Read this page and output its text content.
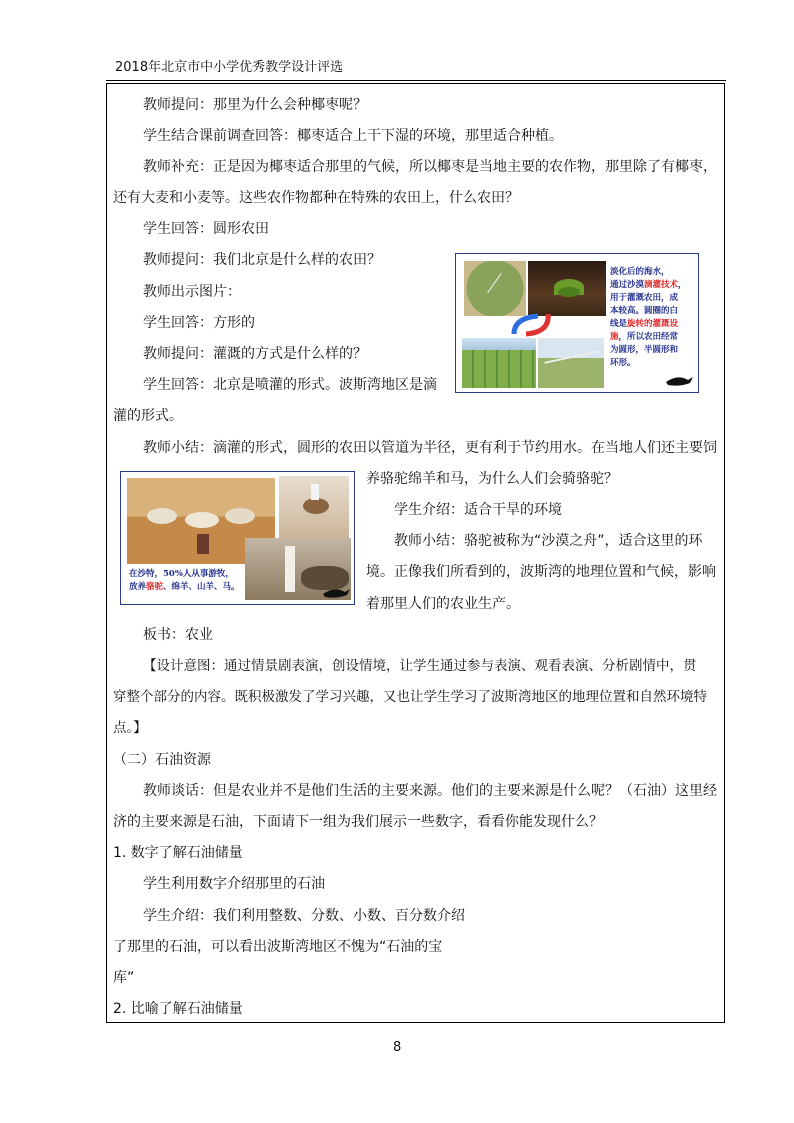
2018年北京市中小学优秀教学设计评选
教师提问：那里为什么会种椰枣呢？
学生结合课前调查回答：椰枣适合上干下湿的环境，那里适合种植。
教师补充：正是因为椰枣适合那里的气候，所以椰枣是当地主要的农作物，那里除了有椰枣，
还有大麦和小麦等。这些农作物都种在特殊的农田上，什么农田？
学生回答：圆形农田
教师提问：我们北京是什么样的农田？
教师出示图片：
学生回答：方形的
教师提问：灌溉的方式是什么样的？
学生回答：北京是喷灌的形式。波斯湾地区是滴
灌的形式。
教师小结：滴灌的形式，圆形的农田以管道为半径，更有利于节约用水。在当地人们还主要饲
养骆驼绵羊和马，为什么人们会骑骆驼？
学生介绍：适合干旱的环境
教师小结：骆驼被称为“沙漠之舟”，适合这里的环
境。正像我们所看到的，波斯湾的地理位置和气候，影响
着那里人们的农业生产。
板书：农业
【设计意图：通过情景剧表演，创设情境，让学生通过参与表演、观看表演、分析剧情中，贯
穿整个部分的内容。既积极激发了学习兴趣，又也让学生学习了波斯湾地区的地理位置和自然环境特
点。】
（二）石油资源
教师谈话：但是农业并不是他们生活的主要来源。他们的主要来源是什么呢？（石油）这里经
济的主要来源是石油，下面请下一组为我们展示一些数字，看看你能发现什么？
1. 数字了解石油储量
学生利用数字介绍那里的石油
学生介绍：我们利用整数、分数、小数、百分数介绍
了那里的石油，可以看出波斯湾地区不愧为“石油的宝
库”
2. 比喻了解石油储量
淡化后的海水，
通过沙漠滴灌技术，
用于灌溉农田，成
本较高。圆圈的白
线是旋转的灌溉设
施，所以农田经常
为圆形，半圆形和
环形。
在沙特，50%人从事游牧，
放养骆驼、绵羊、山羊、马。
8
